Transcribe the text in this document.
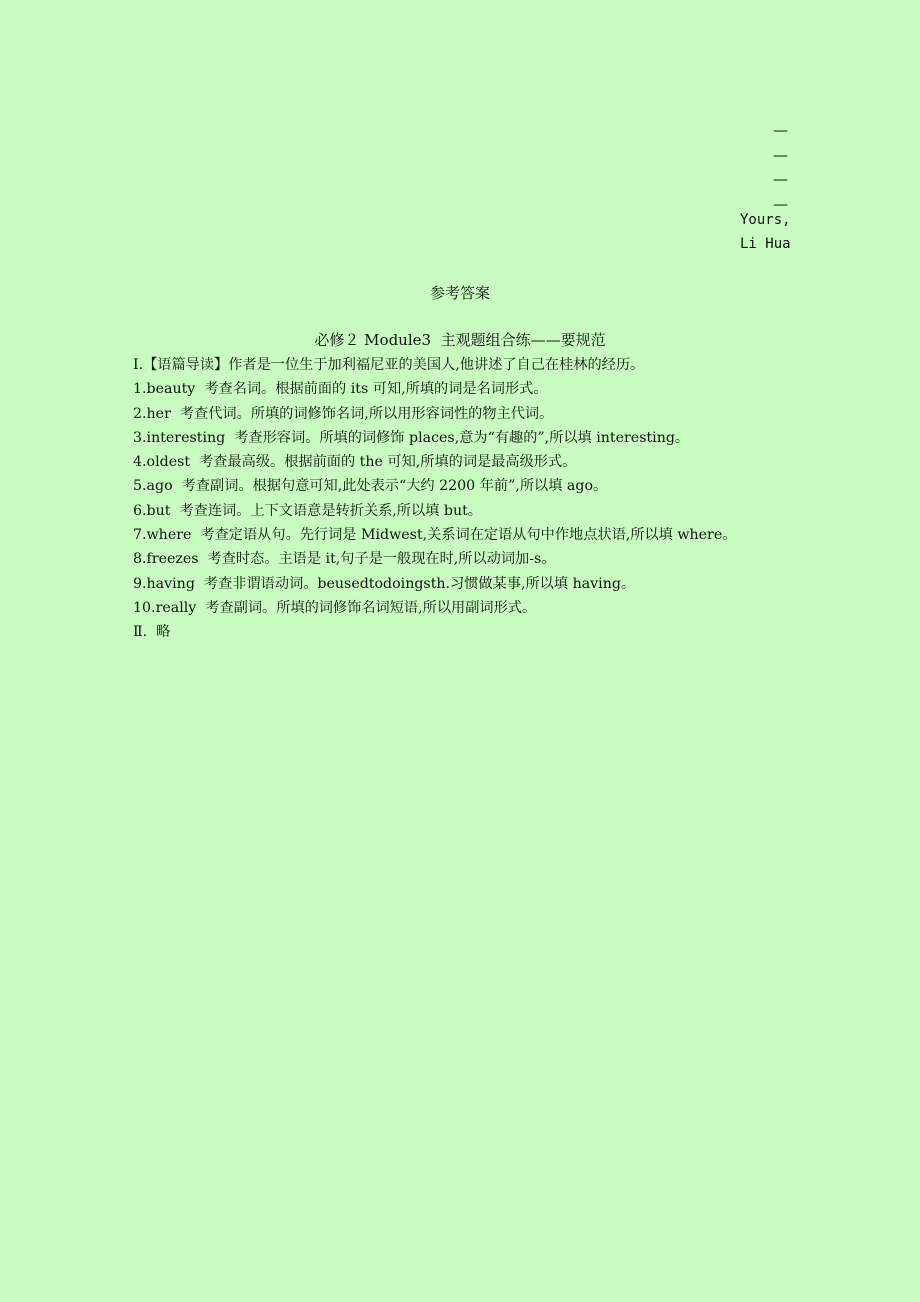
—
—
—
—
Yours,
Li Hua
参考答案
必修２ Module3  主观题组合练——要规范
Ⅰ.【语篇导读】作者是一位生于加利福尼亚的美国人,他讲述了自己在桂林的经历。
1.beauty  考查名词。根据前面的 its 可知,所填的词是名词形式。
2.her  考查代词。所填的词修饰名词,所以用形容词性的物主代词。
3.interesting  考查形容词。所填的词修饰 places,意为“有趣的”,所以填 interesting。
4.oldest  考查最高级。根据前面的 the 可知,所填的词是最高级形式。
5.ago  考查副词。根据句意可知,此处表示“大约 2200 年前”,所以填 ago。
6.but  考查连词。上下文语意是转折关系,所以填 but。
7.where  考查定语从句。先行词是 Midwest,关系词在定语从句中作地点状语,所以填 where。
8.freezes  考查时态。主语是 it,句子是一般现在时,所以动词加-s。
9.having  考查非谓语动词。beusedtodoingsth.习惯做某事,所以填 having。
10.really  考查副词。所填的词修饰名词短语,所以用副词形式。
Ⅱ.  略
